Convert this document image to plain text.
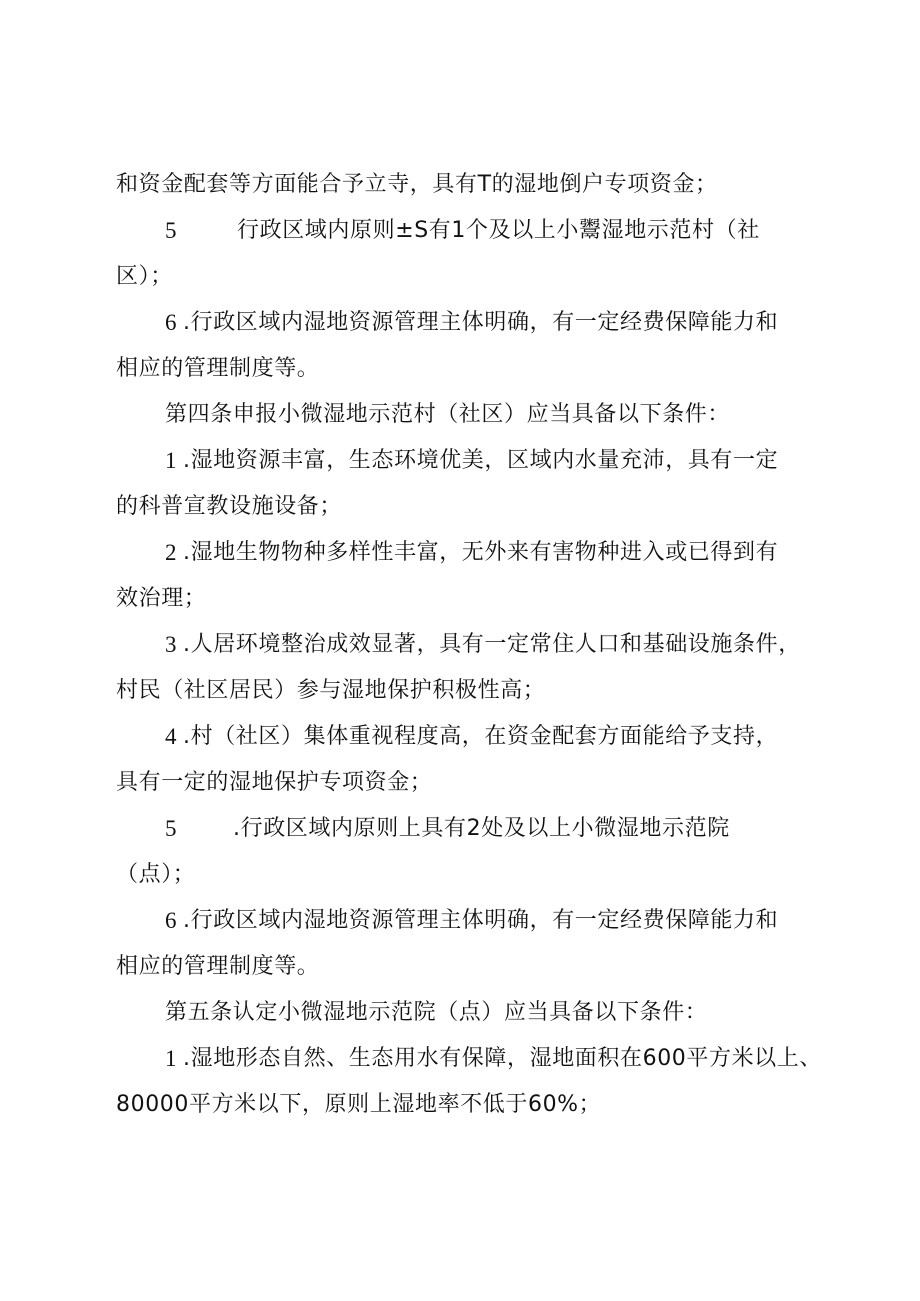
和资金配套等方面能合予立寺，具有T的湿地倒户专项资金；
5	行政区域内原则±S有1个及以上小鬻湿地示范村（社
区）；
6 .行政区域内湿地资源管理主体明确，有一定经费保障能力和
相应的管理制度等。
第四条申报小微湿地示范村（社区）应当具备以下条件：
1 .湿地资源丰富，生态环境优美，区域内水量充沛，具有一定
的科普宣教设施设备；
2 .湿地生物物种多样性丰富，无外来有害物种进入或已得到有
效治理；
3 .人居环境整治成效显著，具有一定常住人口和基础设施条件，
村民（社区居民）参与湿地保护积极性高；
4 .村（社区）集体重视程度高，在资金配套方面能给予支持，
具有一定的湿地保护专项资金；
5	.行政区域内原则上具有2处及以上小微湿地示范院
（点）；
6 .行政区域内湿地资源管理主体明确，有一定经费保障能力和
相应的管理制度等。
第五条认定小微湿地示范院（点）应当具备以下条件：
1 .湿地形态自然、生态用水有保障，湿地面积在600平方米以上、
80000平方米以下，原则上湿地率不低于60%；
